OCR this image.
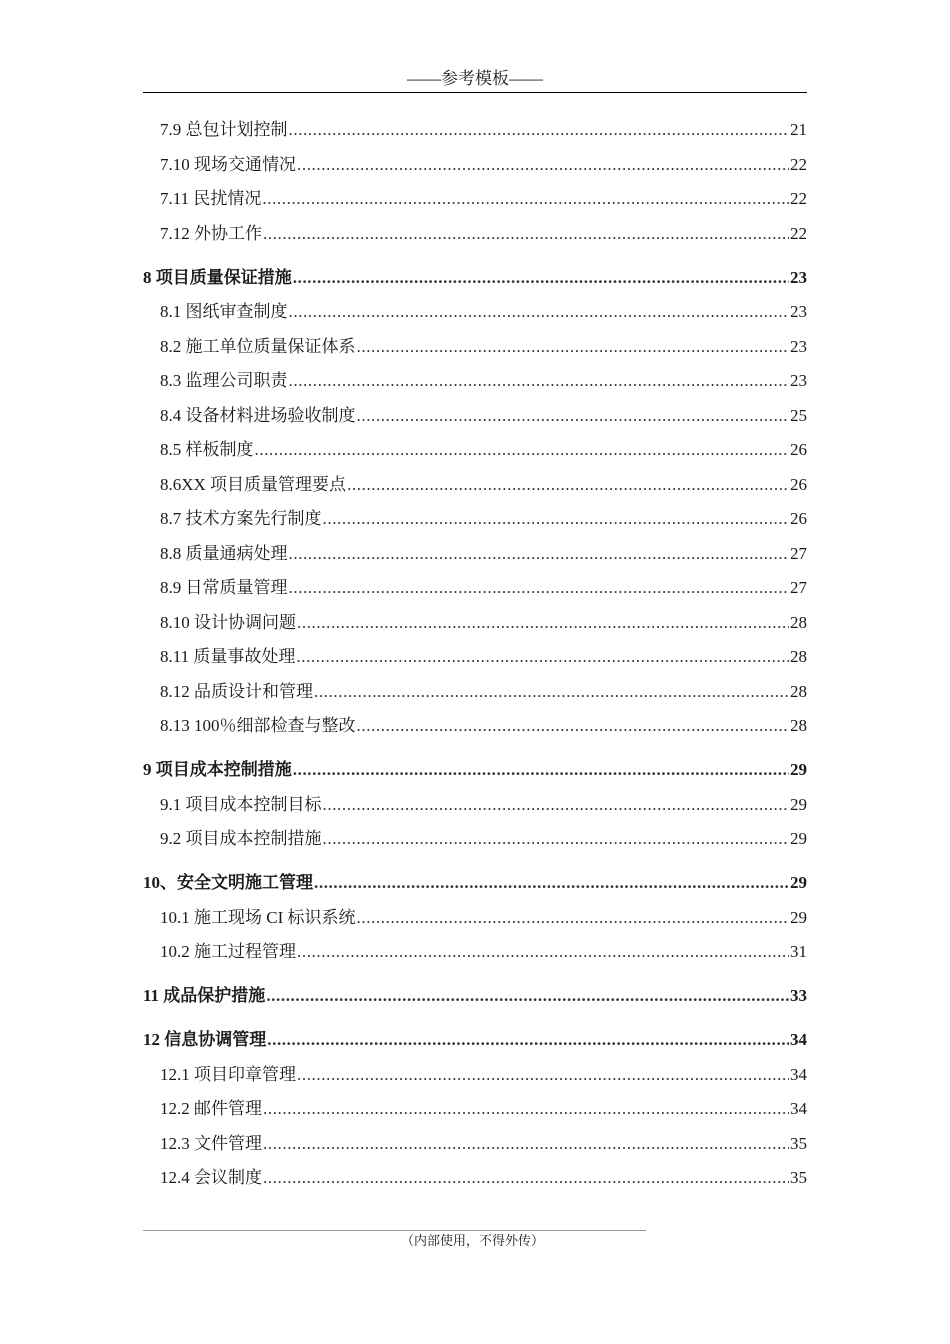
——参考模板——
7.9 总包计划控制 .....	21
7.10 现场交通情况 .....	22
7.11 民扰情况 .....	22
7.12 外协工作 .....	22
8 项目质量保证措施 .....	23
8.1 图纸审查制度 .....	23
8.2 施工单位质量保证体系 .....	23
8.3 监理公司职责 .....	23
8.4 设备材料进场验收制度 .....	25
8.5 样板制度 .....	26
8.6XX 项目质量管理要点 .....	26
8.7 技术方案先行制度 .....	26
8.8 质量通病处理 .....	27
8.9 日常质量管理 .....	27
8.10 设计协调问题 .....	28
8.11 质量事故处理 .....	28
8.12 品质设计和管理 .....	28
8.13 100％细部检查与整改 .....	28
9 项目成本控制措施 .....	29
9.1 项目成本控制目标 .....	29
9.2 项目成本控制措施 .....	29
10、安全文明施工管理 .....	29
10.1 施工现场 CI 标识系统 .....	29
10.2 施工过程管理 .....	31
11 成品保护措施 .....	33
12 信息协调管理 .....	34
12.1 项目印章管理 .....	34
12.2 邮件管理 .....	34
12.3 文件管理 .....	35
12.4 会议制度 .....	35
（内部使用，不得外传）
